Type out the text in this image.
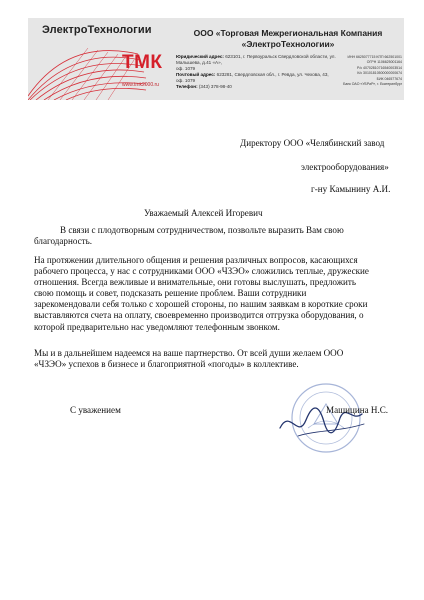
ЭлектроТехнологии
ТМК
www.tmk2000.ru
ООО «Торговая Межрегиональная Компания
«ЭлектроТехнологии»
Юридический адрес: 623101, г. Первоуральск Свердловской области, ул. Малышева, д.41 «А»,
оф. 1079
Почтовый адрес: 623281, Свердловская обл., г. Ревда, ул. Чехова, 43,
оф. 1079
Телефон: (343) 378-98-40
ИНН 6625077715 КПП 662501001
ОГРН 1106625001164
Р/с 40702810716540003514
К/с 30101810500000000674
БИК 046577674
Банк ОАО «УБРиР», г. Екатеринбург
Директору ООО «Челябинский завод
электрооборудования»
г-ну Камынину А.И.
Уважаемый Алексей Игоревич
В связи с плодотворным сотрудничеством, позвольте выразить Вам свою
благодарность.
На протяжении длительного общения и решения различных вопросов, касающихся
рабочего процесса, у нас с сотрудниками ООО «ЧЗЭО» сложились теплые, дружеские
отношения. Всегда вежливые и внимательные, они готовы выслушать, предложить
свою помощь и совет, подсказать решение проблем. Ваши сотрудники
зарекомендовали себя только с хорошей стороны, по нашим заявкам в короткие сроки
выставляются счета на оплату, своевременно производится отгрузка оборудования, о
которой предварительно нас уведомляют телефонным звонком.
Мы и в дальнейшем надеемся на ваше партнерство. От всей души желаем ООО
«ЧЗЭО» успехов в бизнесе и благоприятной «погоды» в коллективе.
С уважением	Машицина Н.С.
